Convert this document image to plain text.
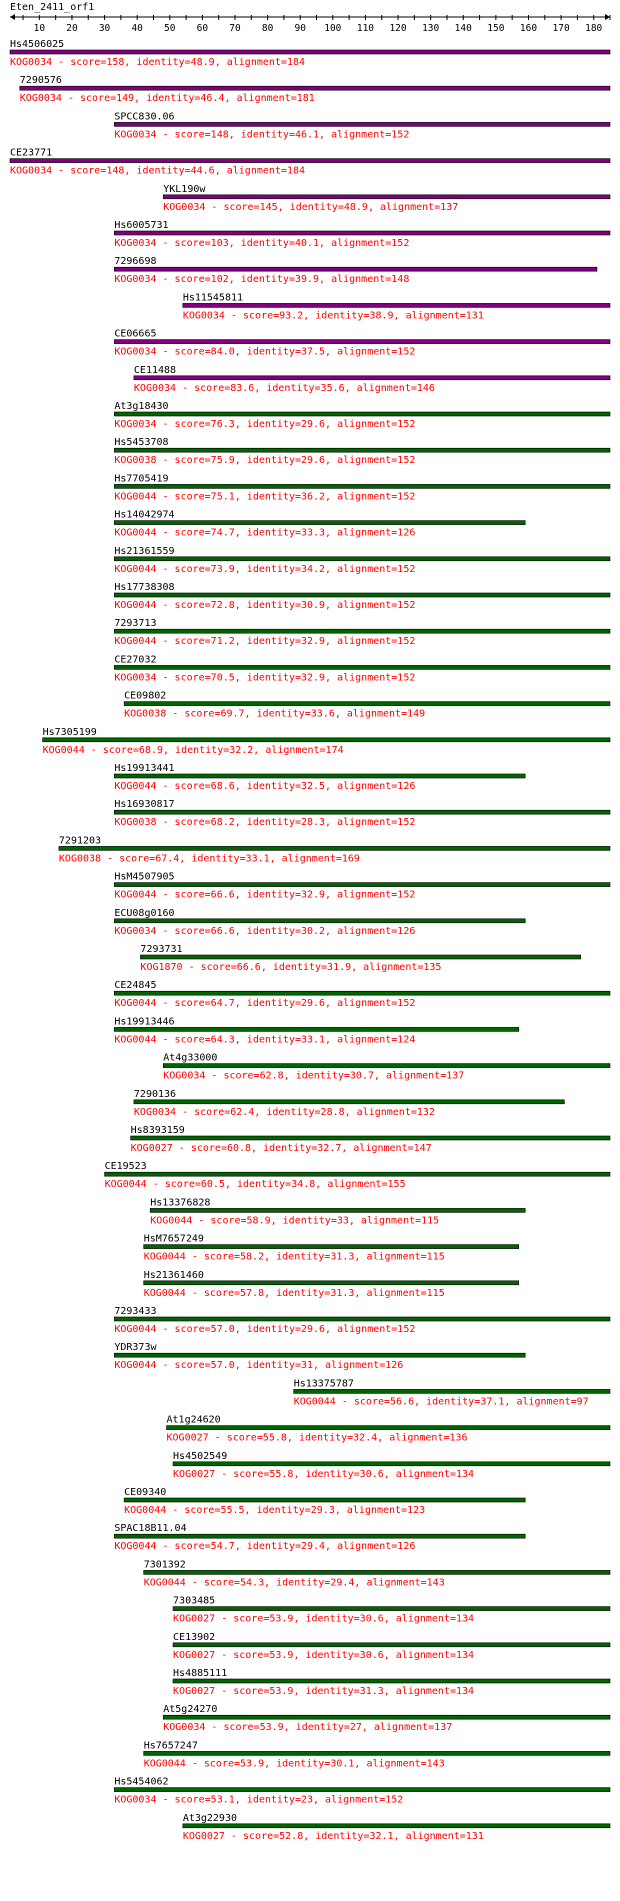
Eten_2411_orf1
10 20 30 40 50 60 70 80 90 100 110 120 130 140 150 160 170 180
Hs4506025
KOG0034 - score=158, identity=48.9, alignment=184
7290576
KOG0034 - score=149, identity=46.4, alignment=181
SPCC830.06
KOG0034 - score=148, identity=46.1, alignment=152
CE23771
KOG0034 - score=148, identity=44.6, alignment=184
YKL190w
KOG0034 - score=145, identity=48.9, alignment=137
Hs6005731
KOG0034 - score=103, identity=40.1, alignment=152
7296698
KOG0034 - score=102, identity=39.9, alignment=148
Hs11545811
KOG0034 - score=93.2, identity=38.9, alignment=131
CE06665
KOG0034 - score=84.0, identity=37.5, alignment=152
CE11488
KOG0034 - score=83.6, identity=35.6, alignment=146
At3g18430
KOG0034 - score=76.3, identity=29.6, alignment=152
Hs5453708
KOG0038 - score=75.9, identity=29.6, alignment=152
Hs7705419
KOG0044 - score=75.1, identity=36.2, alignment=152
Hs14042974
KOG0044 - score=74.7, identity=33.3, alignment=126
Hs21361559
KOG0044 - score=73.9, identity=34.2, alignment=152
Hs17738308
KOG0044 - score=72.8, identity=30.9, alignment=152
7293713
KOG0044 - score=71.2, identity=32.9, alignment=152
CE27032
KOG0034 - score=70.5, identity=32.9, alignment=152
CE09802
KOG0038 - score=69.7, identity=33.6, alignment=149
Hs7305199
KOG0044 - score=68.9, identity=32.2, alignment=174
Hs19913441
KOG0044 - score=68.6, identity=32.5, alignment=126
Hs16930817
KOG0038 - score=68.2, identity=28.3, alignment=152
7291203
KOG0038 - score=67.4, identity=33.1, alignment=169
HsM4507905
KOG0044 - score=66.6, identity=32.9, alignment=152
ECU08g0160
KOG0034 - score=66.6, identity=30.2, alignment=126
7293731
KOG1870 - score=66.6, identity=31.9, alignment=135
CE24845
KOG0044 - score=64.7, identity=29.6, alignment=152
Hs19913446
KOG0044 - score=64.3, identity=33.1, alignment=124
At4g33000
KOG0034 - score=62.8, identity=30.7, alignment=137
7290136
KOG0034 - score=62.4, identity=28.8, alignment=132
Hs8393159
KOG0027 - score=60.8, identity=32.7, alignment=147
CE19523
KOG0044 - score=60.5, identity=34.8, alignment=155
Hs13376828
KOG0044 - score=58.9, identity=33, alignment=115
HsM7657249
KOG0044 - score=58.2, identity=31.3, alignment=115
Hs21361460
KOG0044 - score=57.8, identity=31.3, alignment=115
7293433
KOG0044 - score=57.0, identity=29.6, alignment=152
YDR373w
KOG0044 - score=57.0, identity=31, alignment=126
Hs13375787
KOG0044 - score=56.6, identity=37.1, alignment=97
At1g24620
KOG0027 - score=55.8, identity=32.4, alignment=136
Hs4502549
KOG0027 - score=55.8, identity=30.6, alignment=134
CE09340
KOG0044 - score=55.5, identity=29.3, alignment=123
SPAC18B11.04
KOG0044 - score=54.7, identity=29.4, alignment=126
7301392
KOG0044 - score=54.3, identity=29.4, alignment=143
7303485
KOG0027 - score=53.9, identity=30.6, alignment=134
CE13902
KOG0027 - score=53.9, identity=30.6, alignment=134
Hs4885111
KOG0027 - score=53.9, identity=31.3, alignment=134
At5g24270
KOG0034 - score=53.9, identity=27, alignment=137
Hs7657247
KOG0044 - score=53.9, identity=30.1, alignment=143
Hs5454062
KOG0034 - score=53.1, identity=23, alignment=152
At3g22930
KOG0027 - score=52.8, identity=32.1, alignment=131
